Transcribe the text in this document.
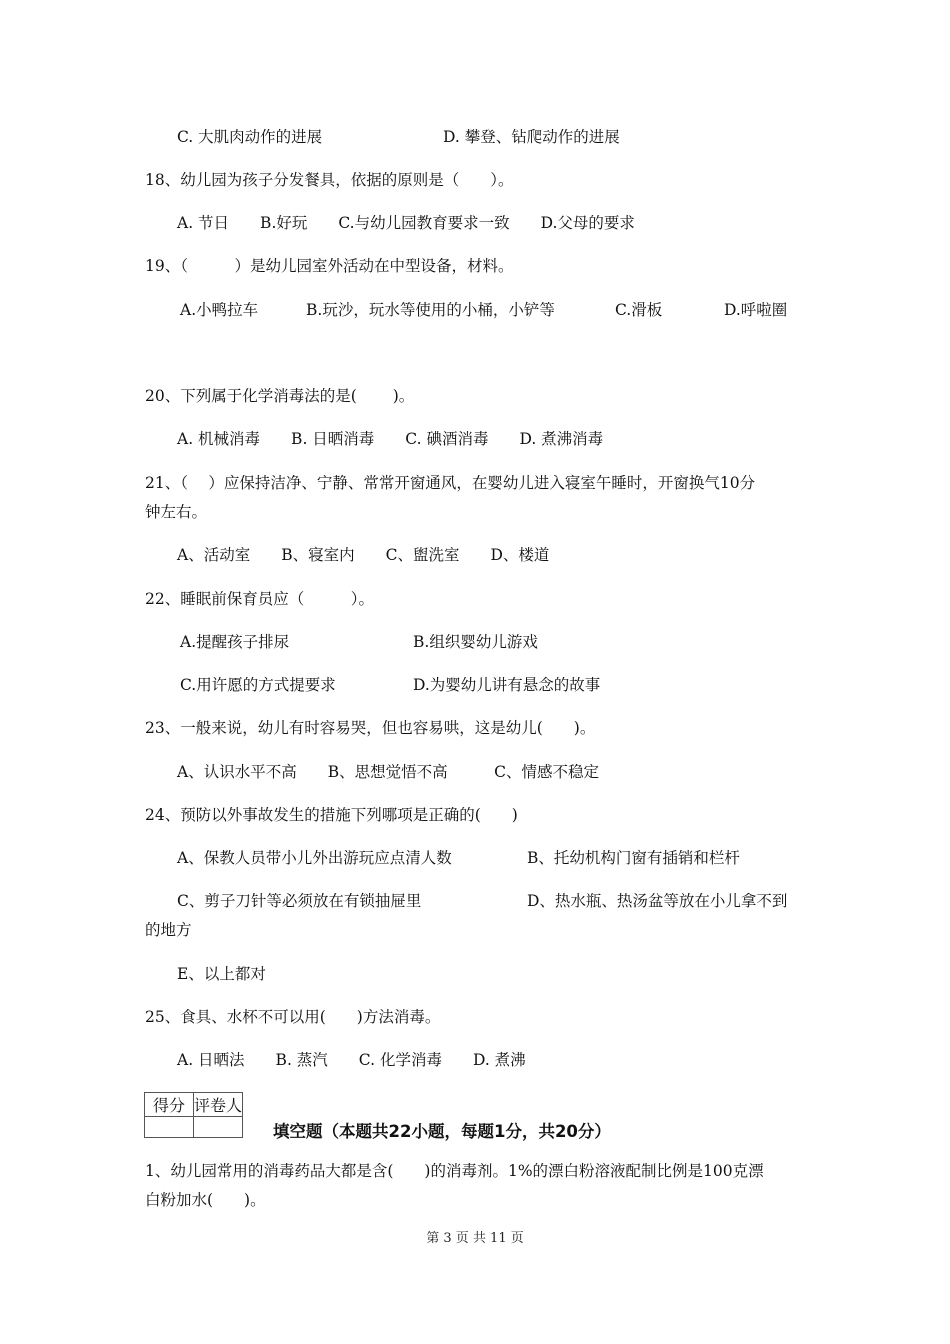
C. 大肌肉动作的进展	D. 攀登、钻爬动作的进展
18、幼儿园为孩子分发餐具，依据的原则是（　　）。
A. 节日　　B.好玩　　C.与幼儿园教育要求一致　　D.父母的要求
19、（　　　）是幼儿园室外活动在中型设备，材料。
A.小鸭拉车	B.玩沙，玩水等使用的小桶，小铲等	C.滑板	D.呼啦圈
20、下列属于化学消毒法的是(　　 )。
A. 机械消毒　　B. 日晒消毒　　C. 碘酒消毒　　D. 煮沸消毒
21、（　 ）应保持洁净、宁静、常常开窗通风，在婴幼儿进入寝室午睡时，开窗换气10分
钟左右。
A、活动室　　B、寝室内　　C、盥洗室　　D、楼道
22、睡眠前保育员应（　　　）。
A.提醒孩子排尿	B.组织婴幼儿游戏
C.用许愿的方式提要求	D.为婴幼儿讲有悬念的故事
23、一般来说，幼儿有时容易哭，但也容易哄，这是幼儿(　　)。
A、认识水平不高　　B、思想觉悟不高　　　C、情感不稳定
24、预防以外事故发生的措施下列哪项是正确的(　　)
A、保教人员带小儿外出游玩应点清人数	B、托幼机构门窗有插销和栏杆
C、剪子刀针等必须放在有锁抽屉里	D、热水瓶、热汤盆等放在小儿拿不到
的地方
E、以上都对
25、食具、水杯不可以用(　　)方法消毒。
A. 日晒法　　B. 蒸汽　　C. 化学消毒　　D. 煮沸
得分	评卷人

填空题（本题共22小题，每题1分，共20分）
1、幼儿园常用的消毒药品大都是含(　　)的消毒剂。1%的漂白粉溶液配制比例是100克漂
白粉加水(　　)。
第 3 页 共 11 页
